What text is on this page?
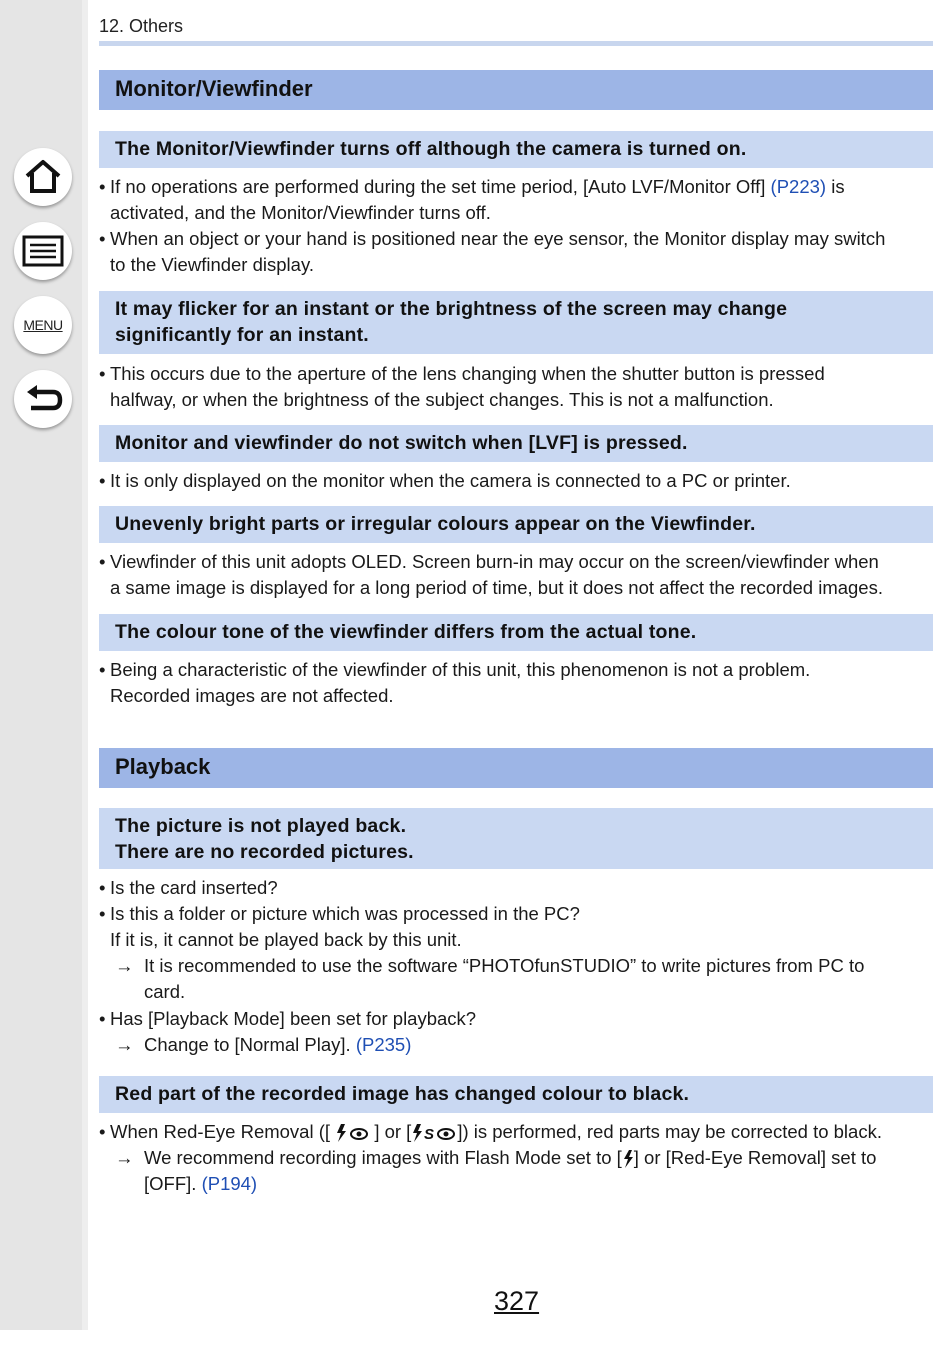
MENU
12. Others
Monitor/Viewfinder
The Monitor/Viewfinder turns off although the camera is turned on.
• If no operations are performed during the set time period, [Auto LVF/Monitor Off] (P223) is
activated, and the Monitor/Viewfinder turns off.
• When an object or your hand is positioned near the eye sensor, the Monitor display may switch
to the Viewfinder display.
It may flicker for an instant or the brightness of the screen may change
significantly for an instant.
• This occurs due to the aperture of the lens changing when the shutter button is pressed
halfway, or when the brightness of the subject changes. This is not a malfunction.
Monitor and viewfinder do not switch when [LVF] is pressed.
• It is only displayed on the monitor when the camera is connected to a PC or printer.
Unevenly bright parts or irregular colours appear on the Viewfinder.
• Viewfinder of this unit adopts OLED. Screen burn-in may occur on the screen/viewfinder when
a same image is displayed for a long period of time, but it does not affect the recorded images.
The colour tone of the viewfinder differs from the actual tone.
• Being a characteristic of the viewfinder of this unit, this phenomenon is not a problem.
Recorded images are not affected.
Playback
The picture is not played back.
There are no recorded pictures.
• Is the card inserted?
• Is this a folder or picture which was processed in the PC?
If it is, it cannot be played back by this unit.
→ It is recommended to use the software “PHOTOfunSTUDIO” to write pictures from PC to
card.
• Has [Playback Mode] been set for playback?
→ Change to [Normal Play]. (P235)
Red part of the recorded image has changed colour to black.
• When Red-Eye Removal ([ ] or [ S ]) is performed, red parts may be corrected to black.
→ We recommend recording images with Flash Mode set to [ ] or [Red-Eye Removal] set to
[OFF]. (P194)
327
